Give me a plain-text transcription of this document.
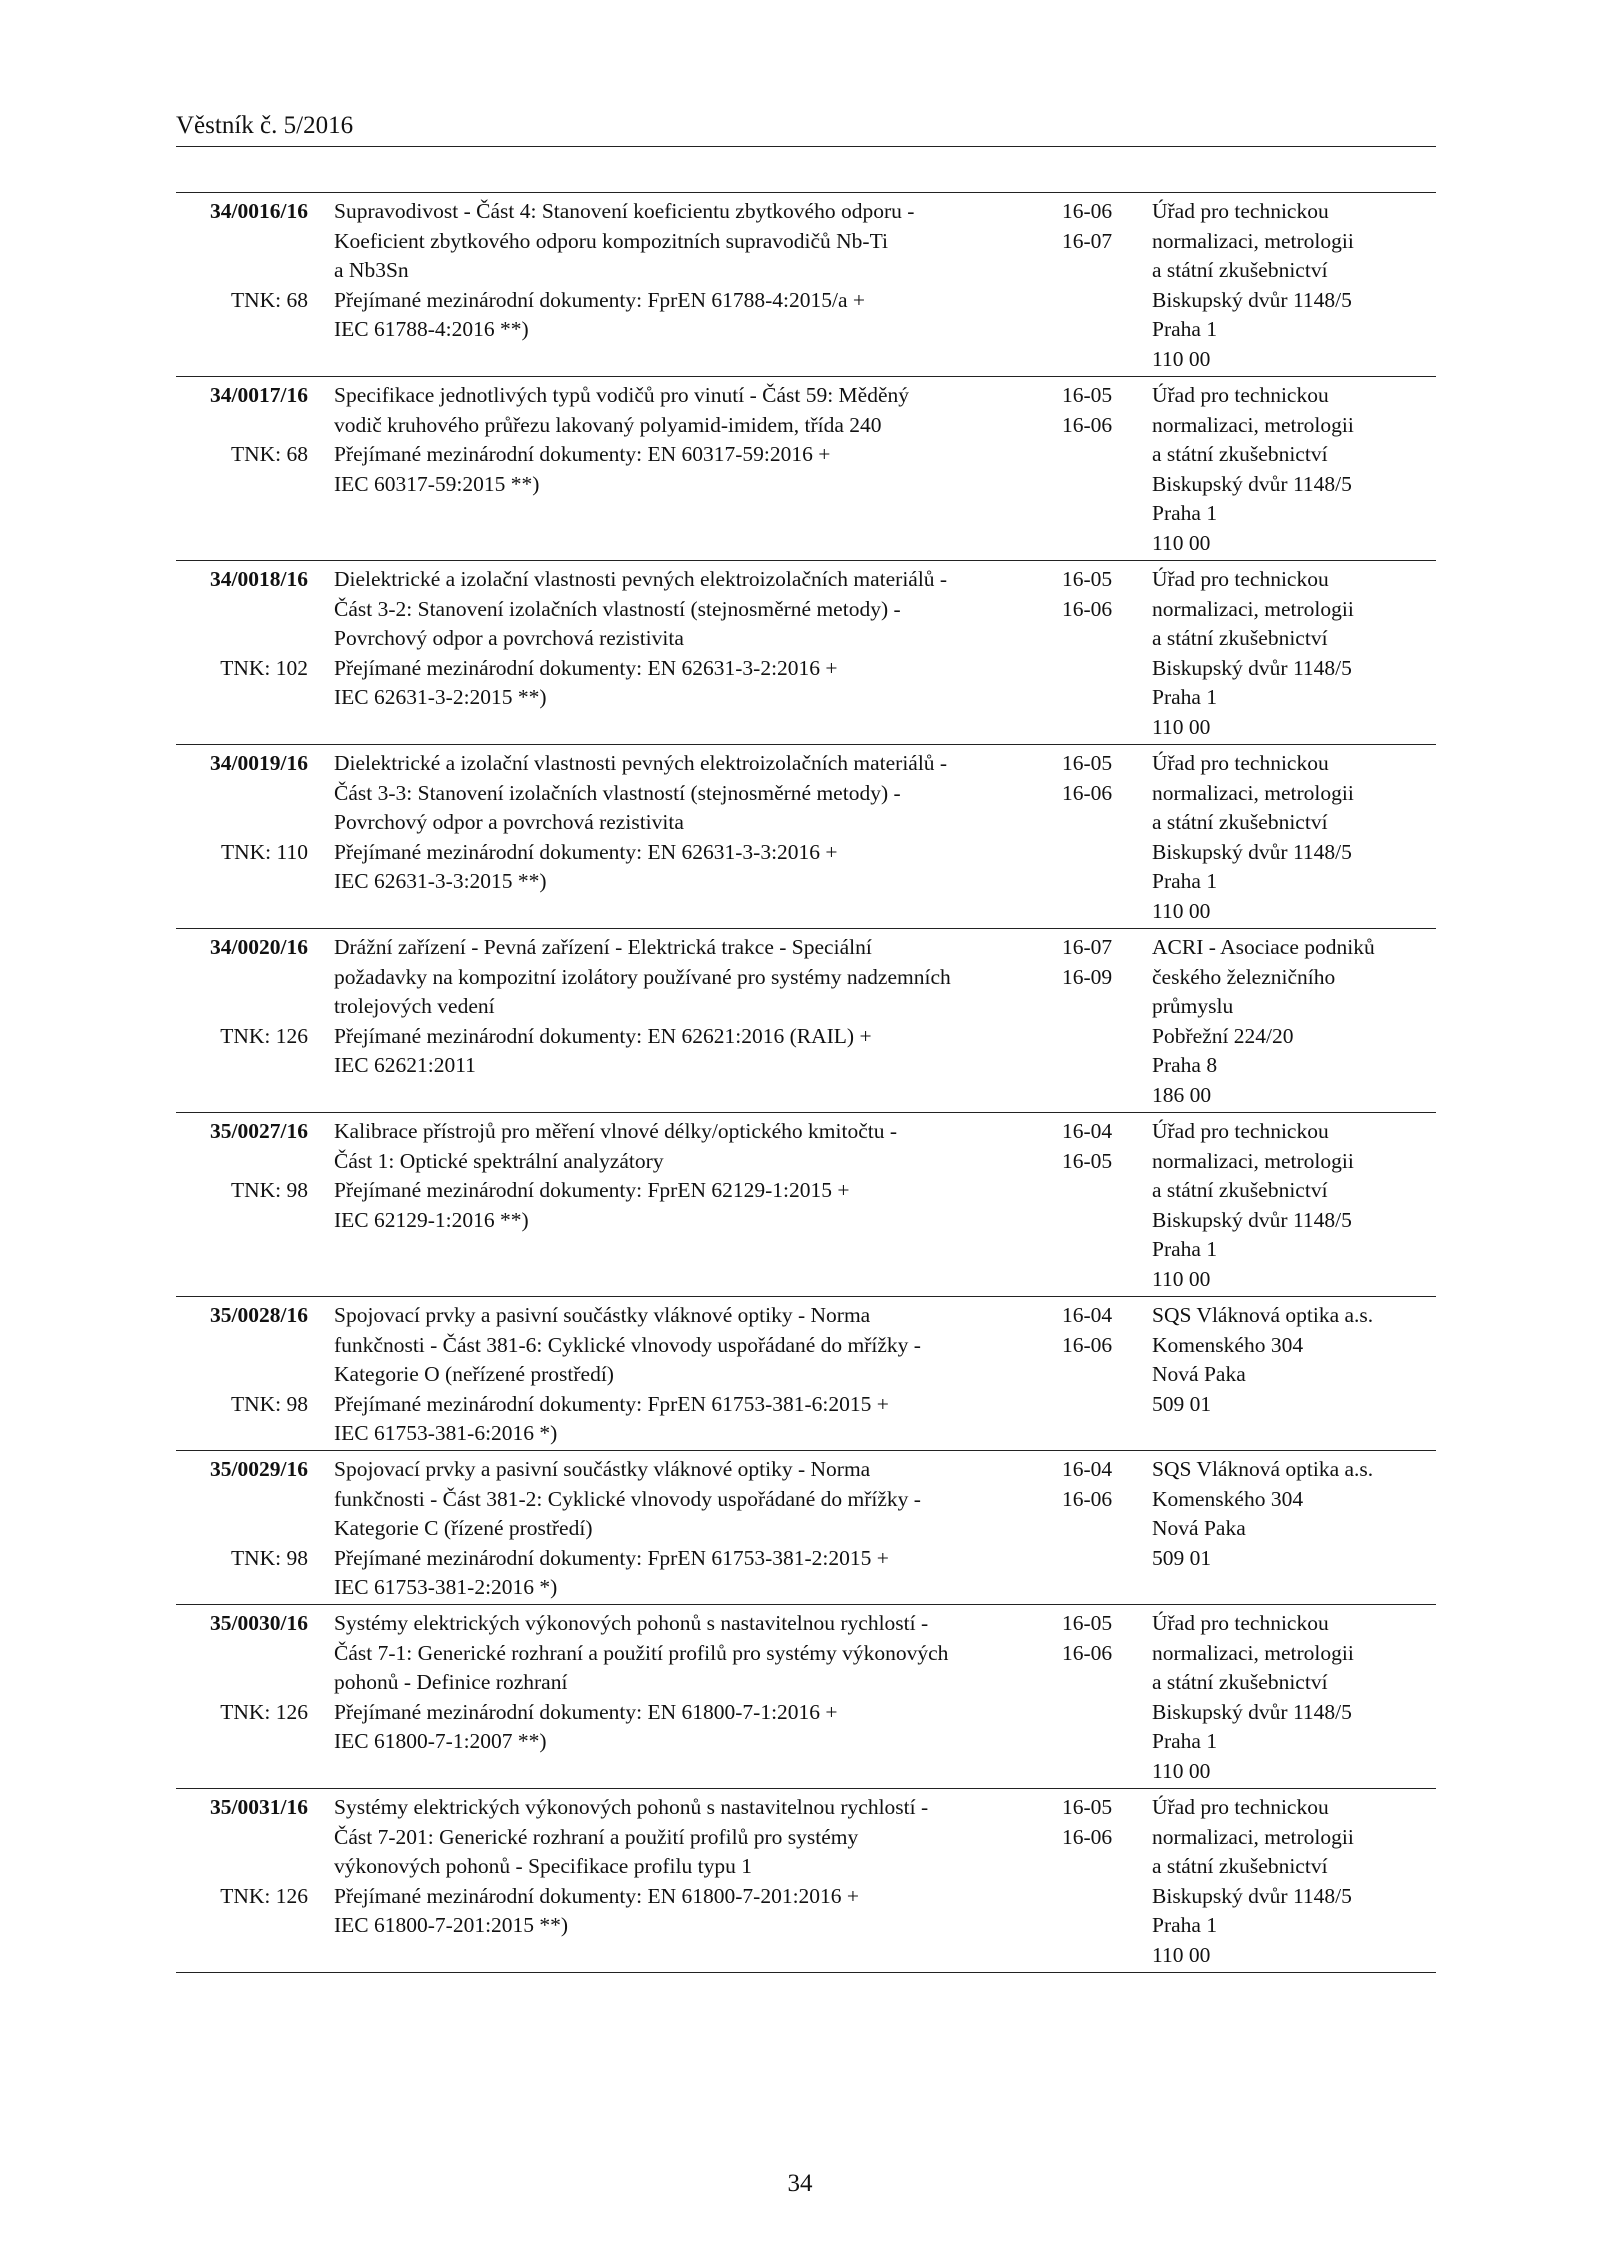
Věstník č. 5/2016
34/0016/16
TNK: 68
Supravodivost - Část 4: Stanovení koeficientu zbytkového odporu -
Koeficient zbytkového odporu kompozitních supravodičů Nb-Ti
a Nb3Sn
Přejímané mezinárodní dokumenty: FprEN 61788-4:2015/a +
IEC 61788-4:2016 **)
16-06
16-07
Úřad pro technickou
normalizaci, metrologii
a státní zkušebnictví
Biskupský dvůr 1148/5
Praha 1
110 00
34/0017/16
TNK: 68
Specifikace jednotlivých typů vodičů pro vinutí - Část 59: Měděný
vodič kruhového průřezu lakovaný polyamid-imidem, třída 240
Přejímané mezinárodní dokumenty: EN 60317-59:2016 +
IEC 60317-59:2015 **)
16-05
16-06
Úřad pro technickou
normalizaci, metrologii
a státní zkušebnictví
Biskupský dvůr 1148/5
Praha 1
110 00
34/0018/16
TNK: 102
Dielektrické a izolační vlastnosti pevných elektroizolačních materiálů -
Část 3-2: Stanovení izolačních vlastností (stejnosměrné metody) -
Povrchový odpor a povrchová rezistivita
Přejímané mezinárodní dokumenty: EN 62631-3-2:2016 +
IEC 62631-3-2:2015 **)
16-05
16-06
Úřad pro technickou
normalizaci, metrologii
a státní zkušebnictví
Biskupský dvůr 1148/5
Praha 1
110 00
34/0019/16
TNK: 110
Dielektrické a izolační vlastnosti pevných elektroizolačních materiálů -
Část 3-3: Stanovení izolačních vlastností (stejnosměrné metody) -
Povrchový odpor a povrchová rezistivita
Přejímané mezinárodní dokumenty: EN 62631-3-3:2016 +
IEC 62631-3-3:2015 **)
16-05
16-06
Úřad pro technickou
normalizaci, metrologii
a státní zkušebnictví
Biskupský dvůr 1148/5
Praha 1
110 00
34/0020/16
TNK: 126
Drážní zařízení - Pevná zařízení - Elektrická trakce - Speciální
požadavky na kompozitní izolátory používané pro systémy nadzemních
trolejových vedení
Přejímané mezinárodní dokumenty: EN 62621:2016 (RAIL) +
IEC 62621:2011
16-07
16-09
ACRI - Asociace podniků
českého železničního
průmyslu
Pobřežní 224/20
Praha 8
186 00
35/0027/16
TNK: 98
Kalibrace přístrojů pro měření vlnové délky/optického kmitočtu -
Část 1: Optické spektrální analyzátory
Přejímané mezinárodní dokumenty: FprEN 62129-1:2015 +
IEC 62129-1:2016 **)
16-04
16-05
Úřad pro technickou
normalizaci, metrologii
a státní zkušebnictví
Biskupský dvůr 1148/5
Praha 1
110 00
35/0028/16
TNK: 98
Spojovací prvky a pasivní součástky vláknové optiky - Norma
funkčnosti - Část 381-6: Cyklické vlnovody uspořádané do mřížky -
Kategorie O (neřízené prostředí)
Přejímané mezinárodní dokumenty: FprEN 61753-381-6:2015 +
IEC 61753-381-6:2016 *)
16-04
16-06
SQS Vláknová optika a.s.
Komenského 304
Nová Paka
509 01
35/0029/16
TNK: 98
Spojovací prvky a pasivní součástky vláknové optiky - Norma
funkčnosti - Část 381-2: Cyklické vlnovody uspořádané do mřížky -
Kategorie C (řízené prostředí)
Přejímané mezinárodní dokumenty: FprEN 61753-381-2:2015 +
IEC 61753-381-2:2016 *)
16-04
16-06
SQS Vláknová optika a.s.
Komenského 304
Nová Paka
509 01
35/0030/16
TNK: 126
Systémy elektrických výkonových pohonů s nastavitelnou rychlostí -
Část 7-1: Generické rozhraní a použití profilů pro systémy výkonových
pohonů - Definice rozhraní
Přejímané mezinárodní dokumenty: EN 61800-7-1:2016 +
IEC 61800-7-1:2007 **)
16-05
16-06
Úřad pro technickou
normalizaci, metrologii
a státní zkušebnictví
Biskupský dvůr 1148/5
Praha 1
110 00
35/0031/16
TNK: 126
Systémy elektrických výkonových pohonů s nastavitelnou rychlostí -
Část 7-201: Generické rozhraní a použití profilů pro systémy
výkonových pohonů - Specifikace profilu typu 1
Přejímané mezinárodní dokumenty: EN 61800-7-201:2016 +
IEC 61800-7-201:2015 **)
16-05
16-06
Úřad pro technickou
normalizaci, metrologii
a státní zkušebnictví
Biskupský dvůr 1148/5
Praha 1
110 00
34
